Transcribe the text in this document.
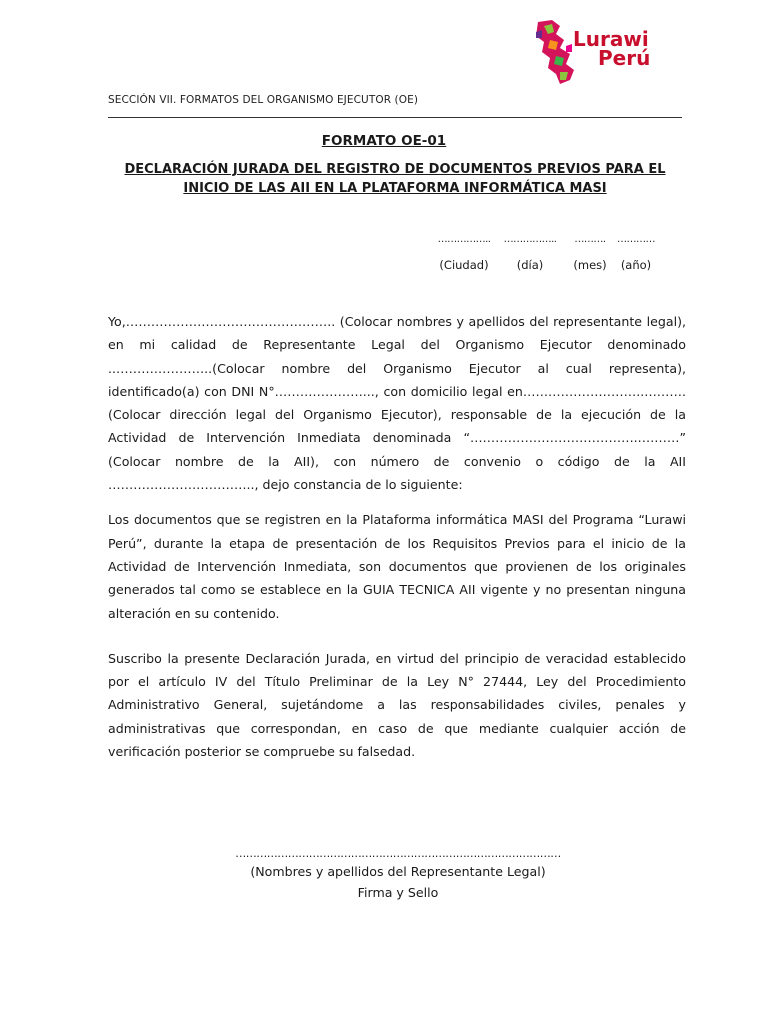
Lurawi
Perú
SECCIÓN VII. FORMATOS DEL ORGANISMO EJECUTOR (OE)
FORMATO OE-01
DECLARACIÓN JURADA DEL REGISTRO DE DOCUMENTOS PREVIOS PARA EL
INICIO DE LAS AII EN LA PLATAFORMA INFORMÁTICA MASI
……………..
(Ciudad)
……………..
(día)
……….
(mes)
…………
(año)

Yo,………………………………………….. (Colocar nombres y apellidos del representante legal), en mi calidad de Representante Legal del Organismo Ejecutor denominado ..…………………..(Colocar nombre del Organismo Ejecutor al cual representa), identificado(a) con DNI N°…………………..., con domicilio legal en………………………..………. (Colocar dirección legal del Organismo Ejecutor), responsable de la ejecución de la Actividad de Intervención Inmediata denominada “…………………………………..………” (Colocar nombre de la AII), con número de convenio o código de la AII …………………………….., dejo constancia de lo siguiente:

Los documentos que se registren en la Plataforma informática MASI del Programa “Lurawi Perú”, durante la etapa de presentación de los Requisitos Previos para el inicio de la Actividad de Intervención Inmediata, son documentos que provienen de los originales generados tal como se establece en la GUIA TECNICA AII vigente y no presentan ninguna alteración en su contenido.

Suscribo la presente Declaración Jurada, en virtud del principio de veracidad establecido por el artículo IV del Título Preliminar de la Ley N° 27444, Ley del Procedimiento Administrativo General, sujetándome a las responsabilidades civiles, penales y administrativas que correspondan, en caso de que mediante cualquier acción de verificación posterior se compruebe su falsedad.

…………………………………………………………………………………
(Nombres y apellidos del Representante Legal)
Firma y Sello
